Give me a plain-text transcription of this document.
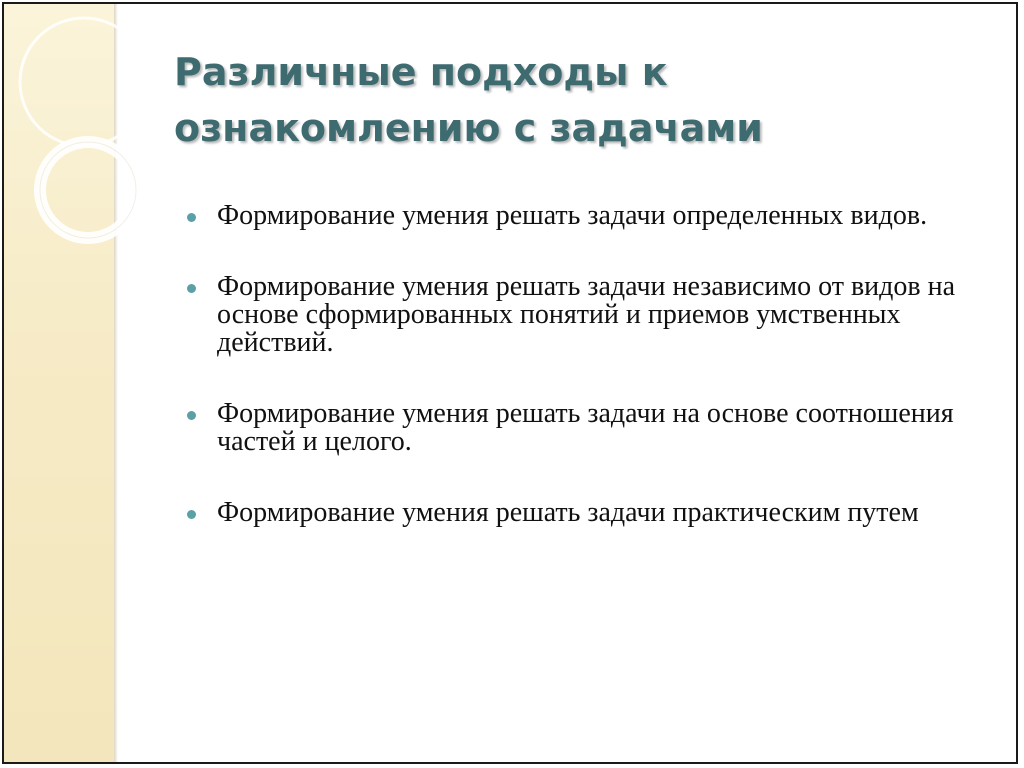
Различные подходы к ознакомлению с задачами
Формирование умения решать задачи определенных видов.
Формирование умения решать задачи независимо от видов на основе сформированных понятий и приемов умственных действий.
Формирование умения решать задачи на основе соотношения частей и целого.
Формирование умения решать задачи практическим путем
